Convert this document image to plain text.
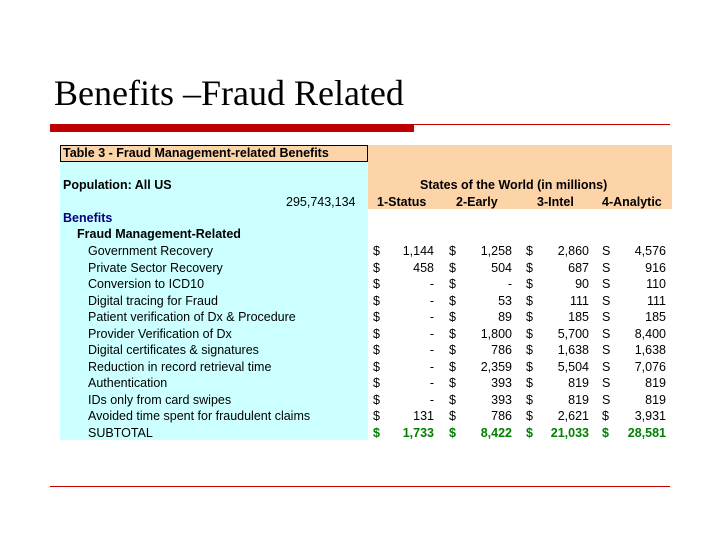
Benefits –Fraud Related
Table 3 - Fraud Management-related Benefits
Population: All US
295,743,134
States of the World (in millions)
1-Status 2-Early	3-Intel 4-Analytic
Benefits
Fraud Management-Related
Government Recovery	$ 1,144 $ 1,258 $ 2,860 S 4,576
Private Sector Recovery	$	458 $	504 $	687 S	916
Conversion to ICD10	$	- $	- $	90 S	110
Digital tracing for Fraud	$	- $	53 $	111 S	111
Patient verification of Dx & Procedure	$	- $	89 $	185 S	185
Provider Verification of Dx	$	- $ 1,800 $ 5,700 S 8,400
Digital certificates & signatures	$	- $	786 $ 1,638 S 1,638
Reduction in record retrieval time	$	- $ 2,359 $ 5,504 S 7,076
Authentication	$	- $	393 $	819 S	819
IDs only from card swipes	$	- $	393 $	819 S	819
Avoided time spent for fraudulent claims	$	131 $	786 $ 2,621 $ 3,931
SUBTOTAL	$ 1,733 $ 8,422 $ 21,033 $ 28,581
